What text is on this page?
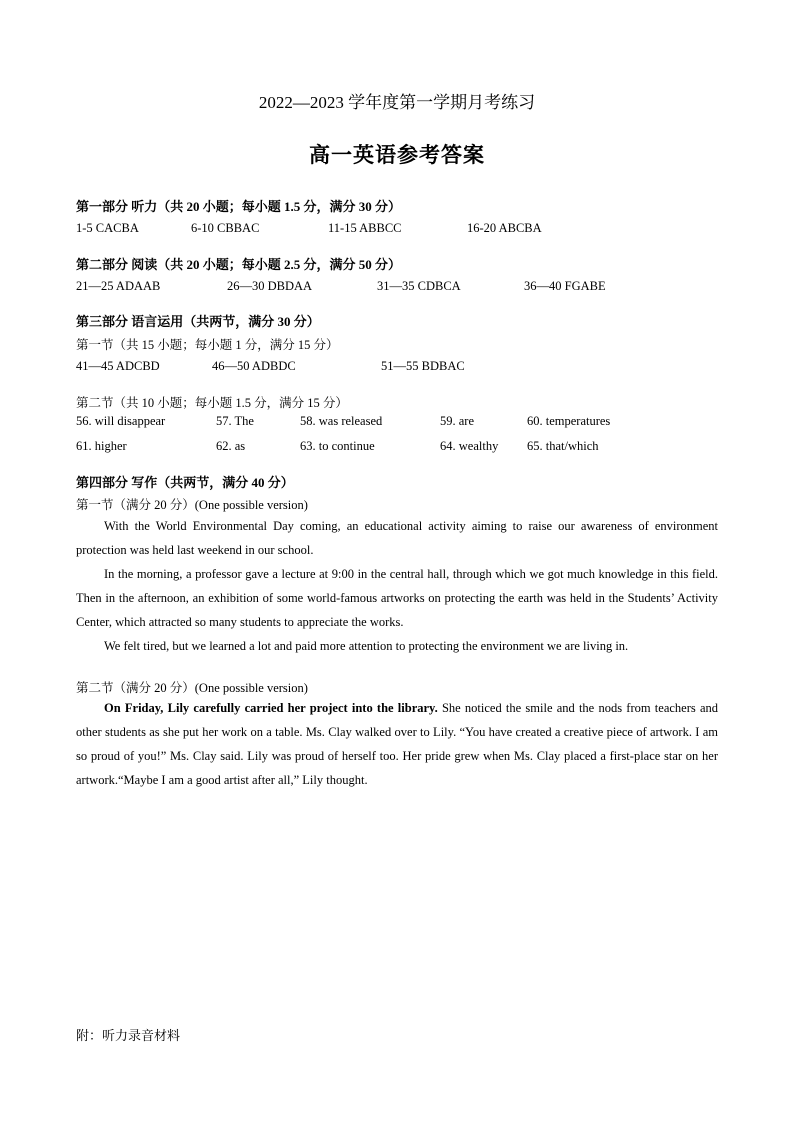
2022—2023 学年度第一学期月考练习
高一英语参考答案
第一部分 听力（共 20 小题；每小题 1.5 分，满分 30 分）
1-5 CACBA	6-10 CBBAC	11-15 ABBCC	16-20 ABCBA
第二部分 阅读（共 20 小题；每小题 2.5 分，满分 50 分）
21—25 ADAAB	26—30 DBDAA	31—35 CDBCA	36—40 FGABE
第三部分 语言运用（共两节，满分 30 分）
第一节（共 15 小题；每小题 1 分，满分 15 分）
41—45 ADCBD	46—50 ADBDC	51—55 BDBAC
第二节（共 10 小题；每小题 1.5 分，满分 15 分）
56. will disappear	57. The	58. was released	59. are	60. temperatures
61. higher	62. as	63. to continue	64. wealthy 65. that/which
第四部分 写作（共两节，满分 40 分）
第一节（满分 20 分）(One possible version)
With the World Environmental Day coming, an educational activity aiming to raise our awareness of environment protection was held last weekend in our school.
In the morning, a professor gave a lecture at 9:00 in the central hall, through which we got much knowledge in this field. Then in the afternoon, an exhibition of some world-famous artworks on protecting the earth was held in the Students’ Activity Center, which attracted so many students to appreciate the works.
We felt tired, but we learned a lot and paid more attention to protecting the environment we are living in.
第二节（满分 20 分）(One possible version)
On Friday, Lily carefully carried her project into the library. She noticed the smile and the nods from teachers and other students as she put her work on a table. Ms. Clay walked over to Lily. “You have created a creative piece of artwork. I am so proud of you!” Ms. Clay said. Lily was proud of herself too. Her pride grew when Ms. Clay placed a first-place star on her artwork.“Maybe I am a good artist after all,” Lily thought.
附：听力录音材料
